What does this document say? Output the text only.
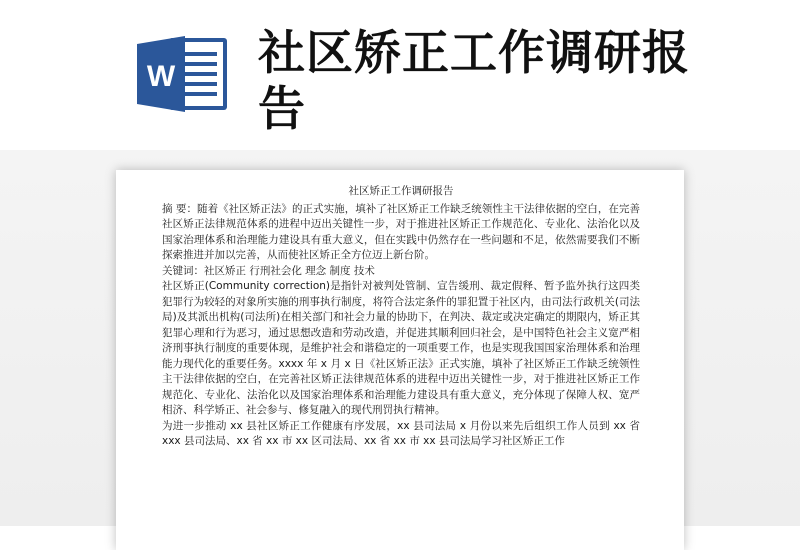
W 社区矫正工作调研报告

社区矫正工作调研报告

摘 要：随着《社区矫正法》的正式实施，填补了社区矫正工作缺乏统领性主干法律依据的空白，在完善社区矫正法律规范体系的进程中迈出关键性一步，对于推进社区矫正工作规范化、专业化、法治化以及国家治理体系和治理能力建设具有重大意义，但在实践中仍然存在一些问题和不足，依然需要我们不断探索推进并加以完善，从而使社区矫正全方位迈上新台阶。

关键词：社区矫正 行刑社会化 理念 制度 技术

社区矫正(Community correction)是指针对被判处管制、宣告缓刑、裁定假释、暂予监外执行这四类犯罪行为较轻的对象所实施的刑事执行制度，将符合法定条件的罪犯置于社区内，由司法行政机关(司法局)及其派出机构(司法所)在相关部门和社会力量的协助下，在判决、裁定或决定确定的期限内，矫正其犯罪心理和行为恶习，通过思想改造和劳动改造，并促进其顺利回归社会，是中国特色社会主义宽严相济刑事执行制度的重要体现，是维护社会和谐稳定的一项重要工作，也是实现我国国家治理体系和治理能力现代化的重要任务。xxxx 年 x 月 x 日《社区矫正法》正式实施，填补了社区矫正工作缺乏统领性主干法律依据的空白，在完善社区矫正法律规范体系的进程中迈出关键性一步，对于推进社区矫正工作规范化、专业化、法治化以及国家治理体系和治理能力建设具有重大意义，充分体现了保障人权、宽严相济、科学矫正、社会参与、修复融入的现代刑罚执行精神。

为进一步推动 xx 县社区矫正工作健康有序发展，xx 县司法局 x 月份以来先后组织工作人员到 xx 省 xxx 县司法局、xx 省 xx 市 xx 区司法局、xx 省 xx 市 xx 县司法局学习社区矫正工作
